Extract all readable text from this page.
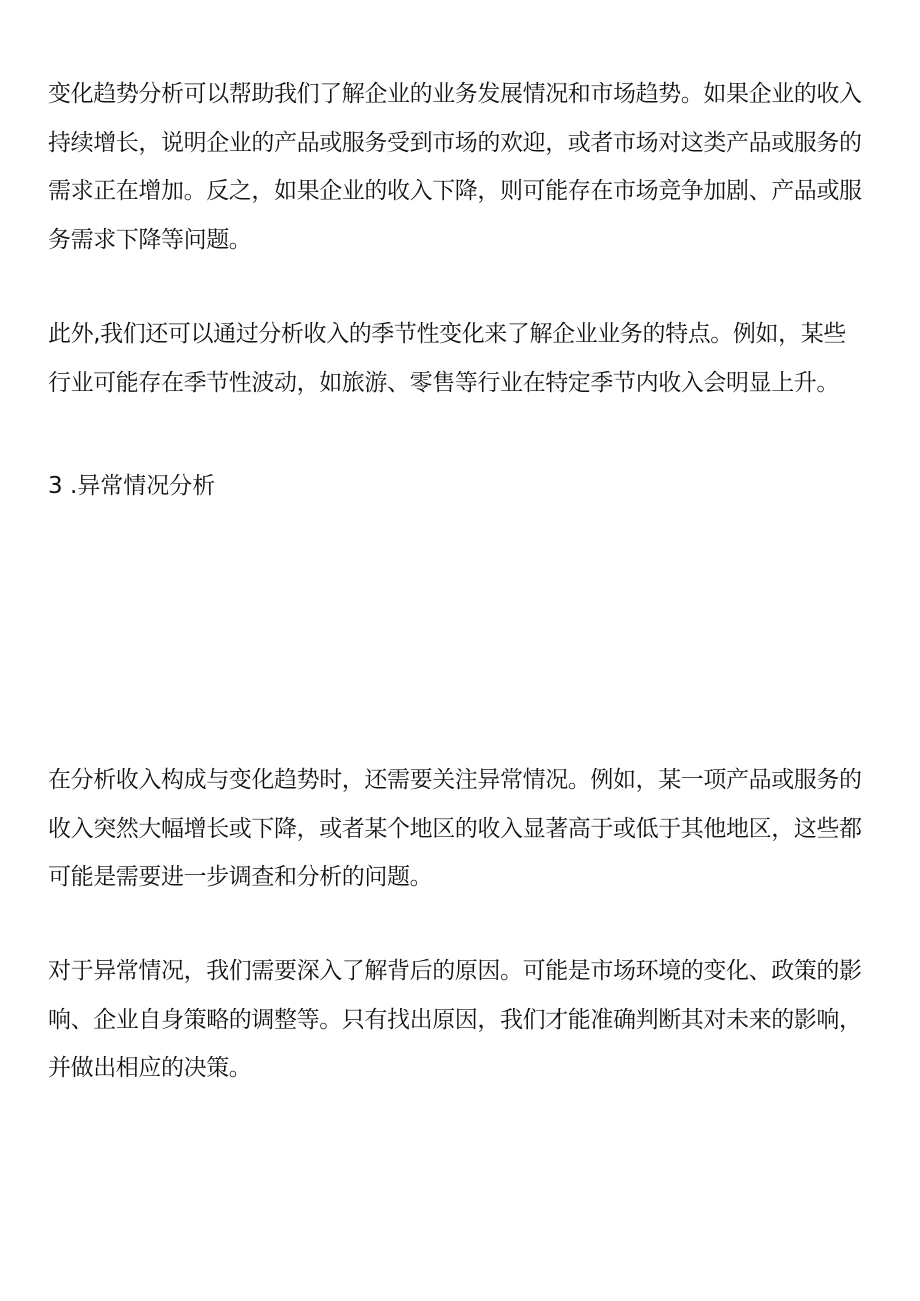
变化趋势分析可以帮助我们了解企业的业务发展情况和市场趋势。如果企业的收入
持续增长，说明企业的产品或服务受到市场的欢迎，或者市场对这类产品或服务的
需求正在增加。反之，如果企业的收入下降，则可能存在市场竞争加剧、产品或服
务需求下降等问题。

此外,我们还可以通过分析收入的季节性变化来了解企业业务的特点。例如，某些
行业可能存在季节性波动，如旅游、零售等行业在特定季节内收入会明显上升。

3 .异常情况分析

在分析收入构成与变化趋势时，还需要关注异常情况。例如，某一项产品或服务的
收入突然大幅增长或下降，或者某个地区的收入显著高于或低于其他地区，这些都
可能是需要进一步调查和分析的问题。

对于异常情况，我们需要深入了解背后的原因。可能是市场环境的变化、政策的影
响、企业自身策略的调整等。只有找出原因，我们才能准确判断其对未来的影响，
并做出相应的决策。
